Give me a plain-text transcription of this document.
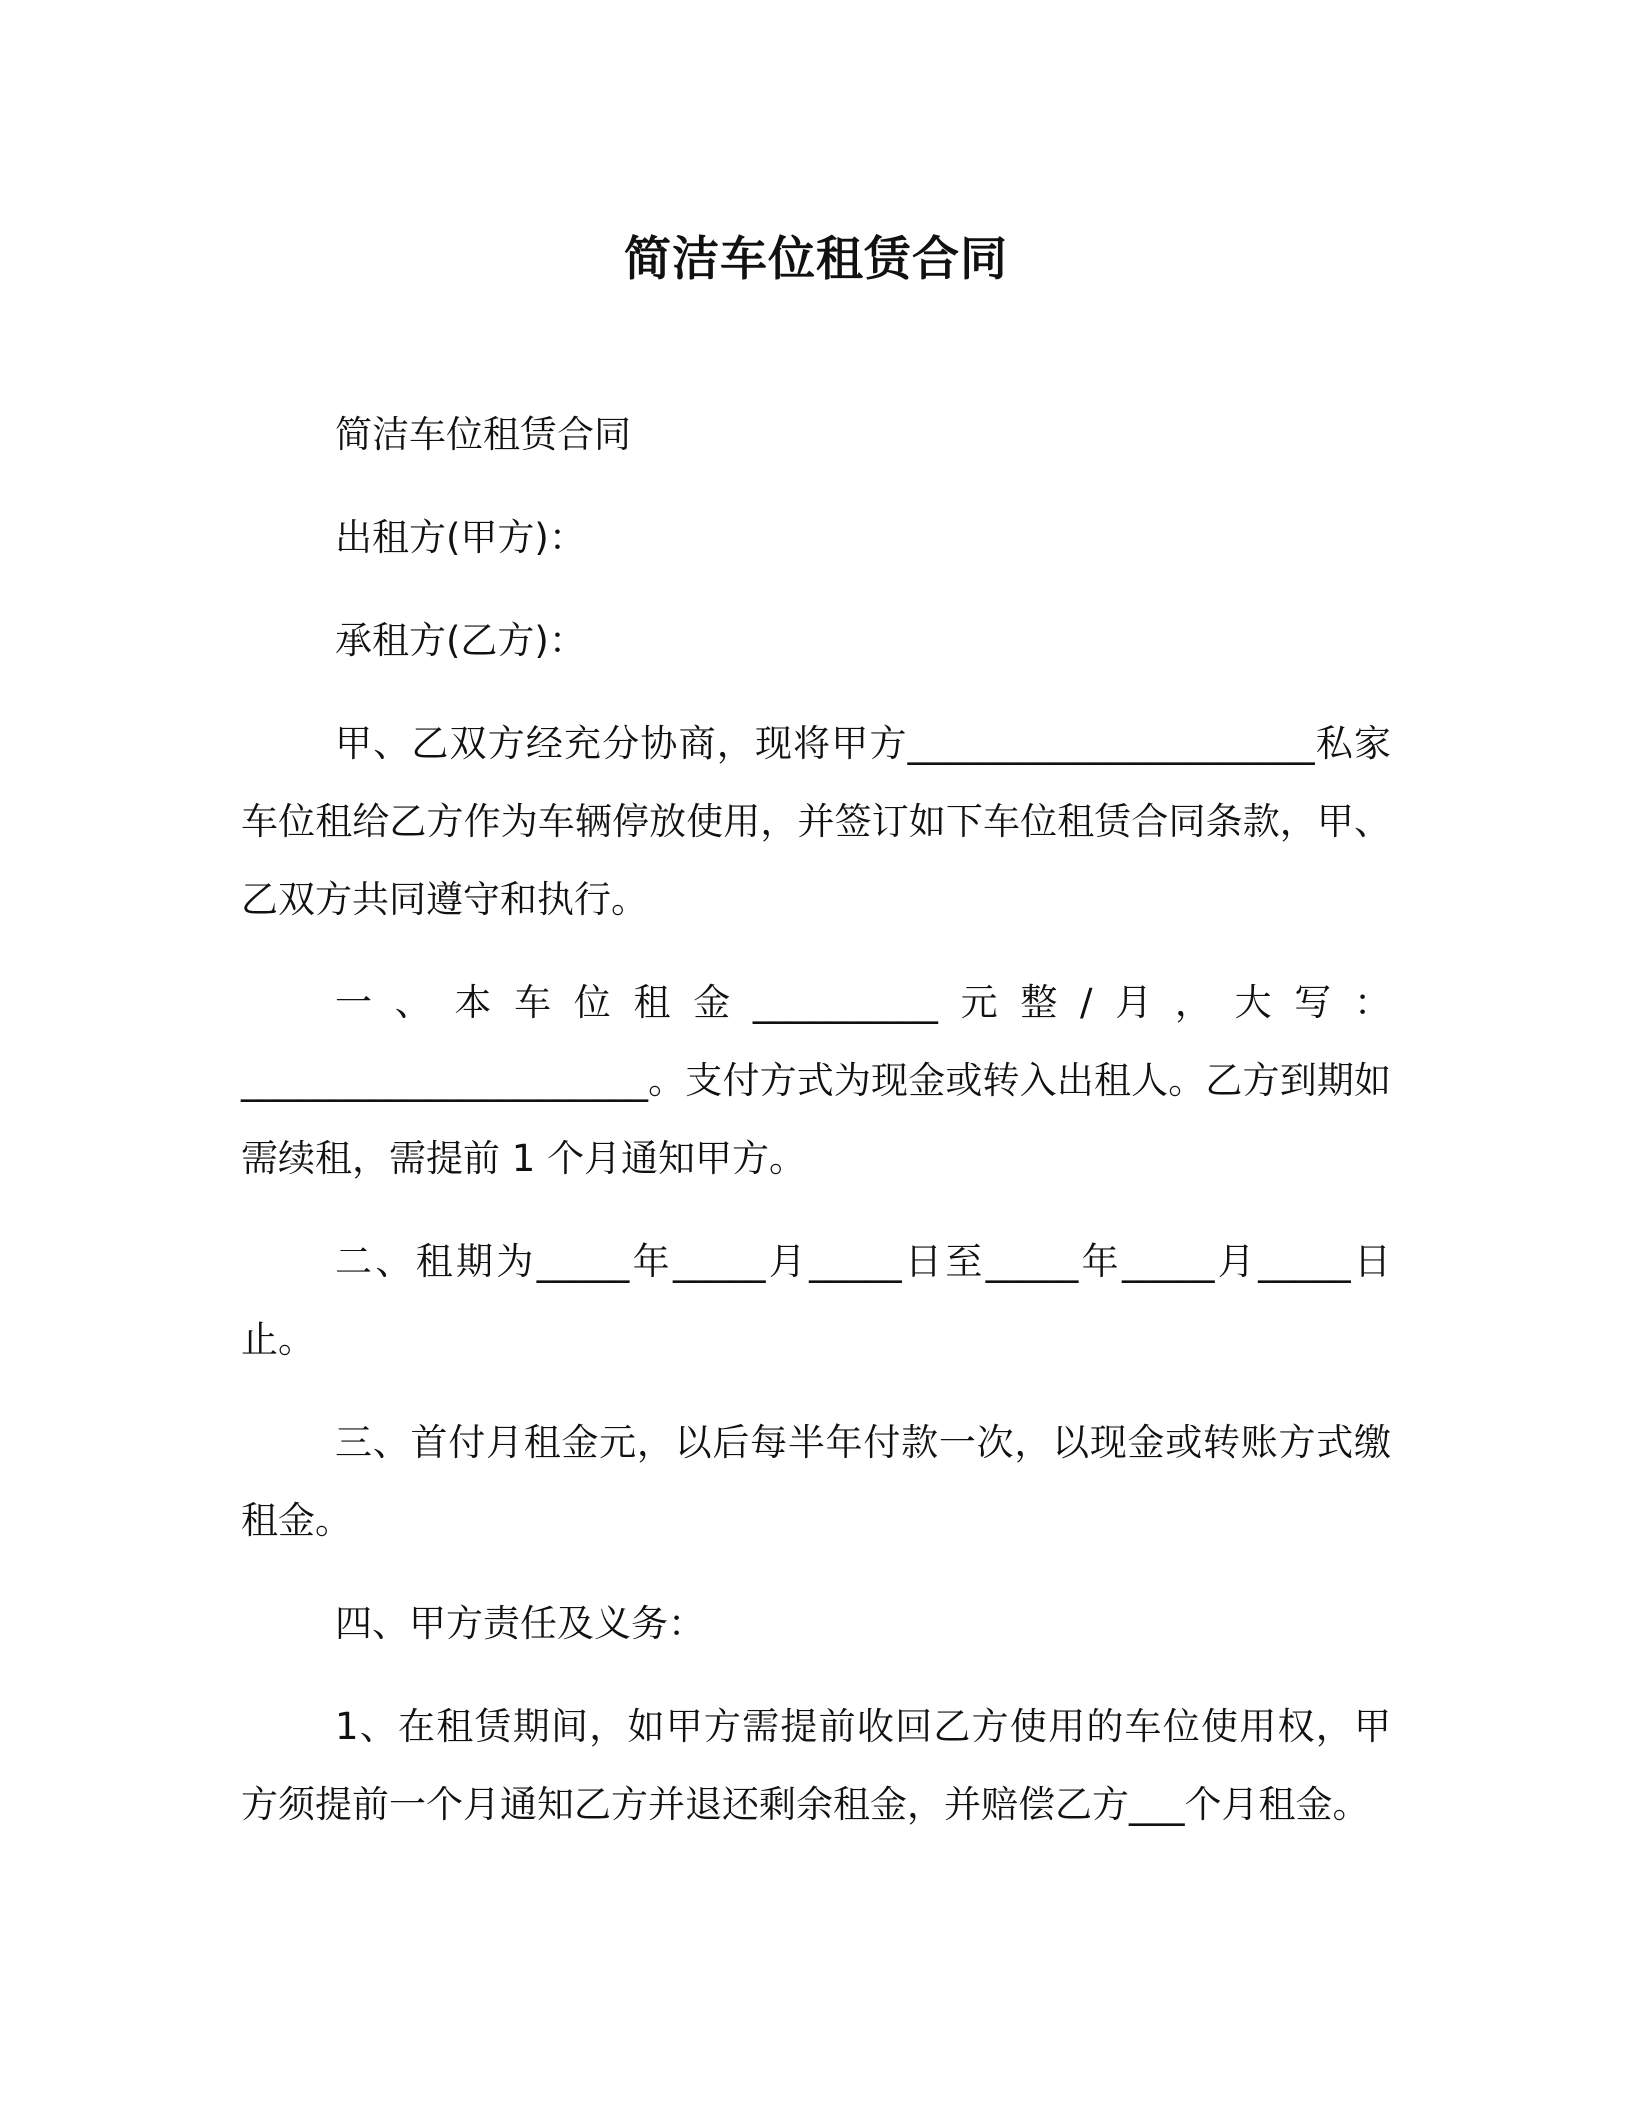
简洁车位租赁合同

简洁车位租赁合同

出租方(甲方)：

承租方(乙方)：

甲、乙双方经充分协商，现将甲方______________________私家车位租给乙方作为车辆停放使用，并签订如下车位租赁合同条款，甲、乙双方共同遵守和执行。

一、本车位租金__________元整/月，大写：______________________。支付方式为现金或转入出租人。乙方到期如需续租，需提前 1 个月通知甲方。

二、租期为_____年_____月_____日至_____年_____月_____日止。

三、首付月租金元，以后每半年付款一次，以现金或转账方式缴租金。

四、甲方责任及义务：

1、在租赁期间，如甲方需提前收回乙方使用的车位使用权，甲方须提前一个月通知乙方并退还剩余租金，并赔偿乙方___个月租金。
